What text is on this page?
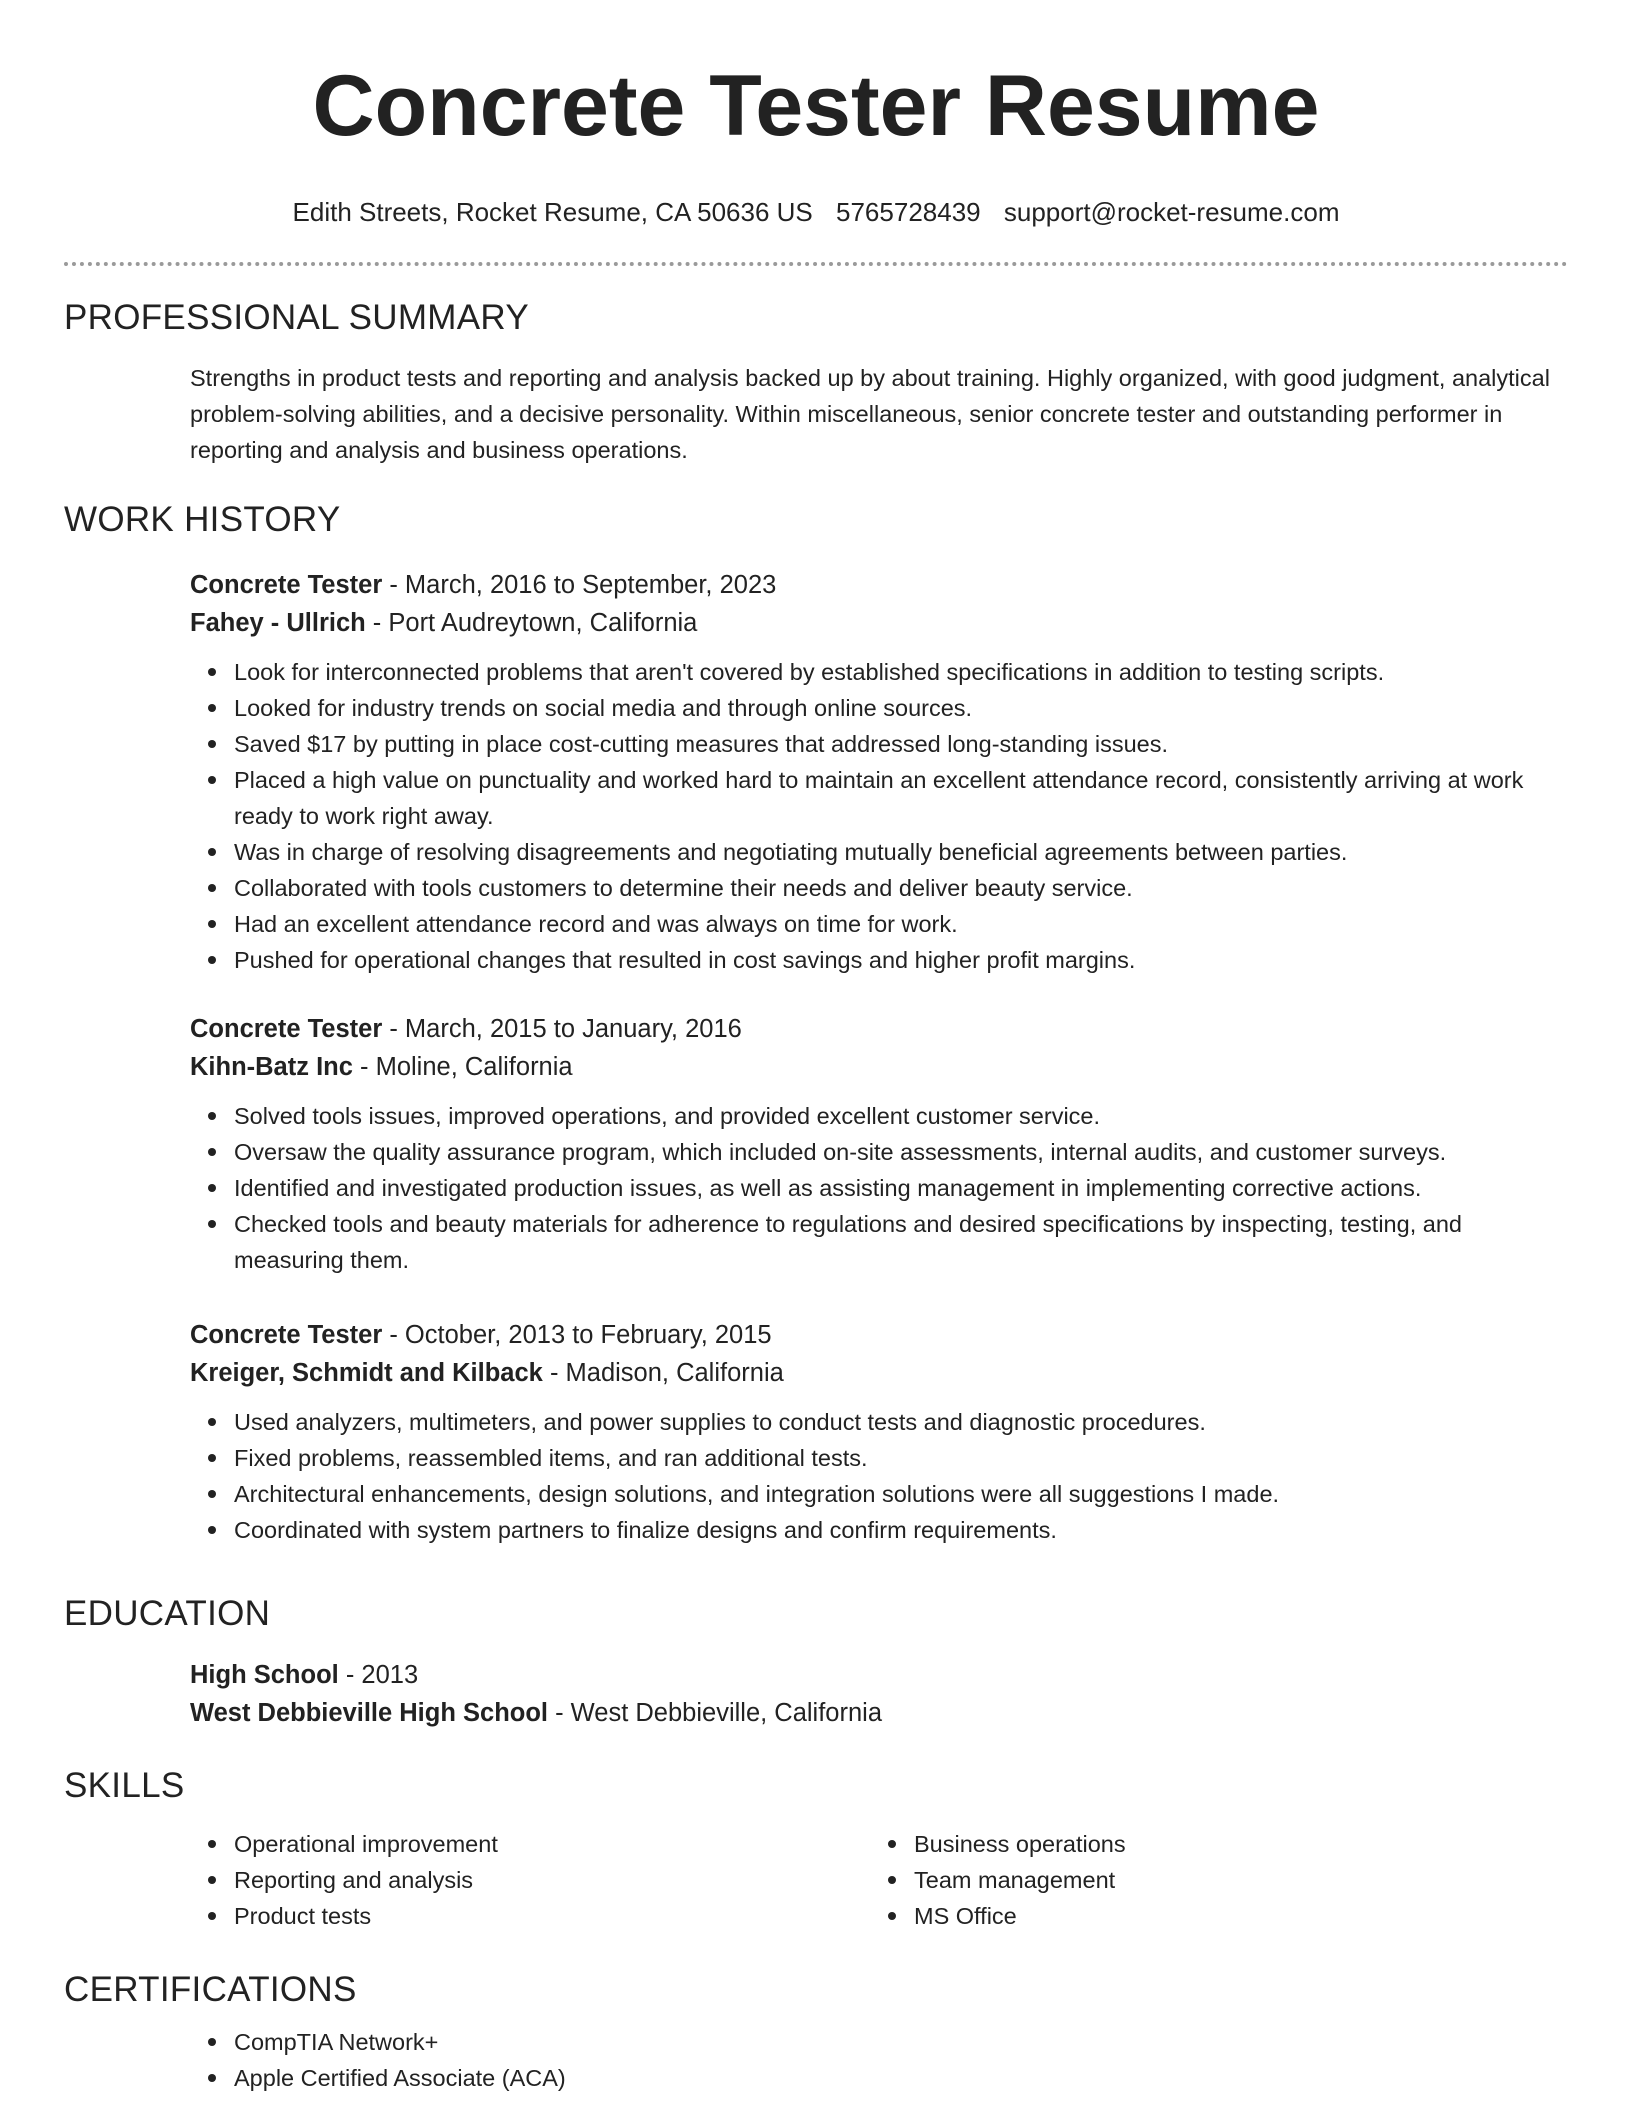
Concrete Tester Resume
Edith Streets, Rocket Resume, CA 50636 US 5765728439 support@rocket-resume.com
PROFESSIONAL SUMMARY

Strengths in product tests and reporting and analysis backed up by about training. Highly organized, with good judgment, analytical problem-solving abilities, and a decisive personality. Within miscellaneous, senior concrete tester and outstanding performer in reporting and analysis and business operations.

WORK HISTORY
Concrete Tester - March, 2016 to September, 2023
Fahey - Ullrich - Port Audreytown, California
Look for interconnected problems that aren't covered by established specifications in addition to testing scripts.
Looked for industry trends on social media and through online sources.
Saved $17 by putting in place cost-cutting measures that addressed long-standing issues.
Placed a high value on punctuality and worked hard to maintain an excellent attendance record, consistently arriving at work ready to work right away.
Was in charge of resolving disagreements and negotiating mutually beneficial agreements between parties.
Collaborated with tools customers to determine their needs and deliver beauty service.
Had an excellent attendance record and was always on time for work.
Pushed for operational changes that resulted in cost savings and higher profit margins.
Concrete Tester - March, 2015 to January, 2016
Kihn-Batz Inc - Moline, California
Solved tools issues, improved operations, and provided excellent customer service.
Oversaw the quality assurance program, which included on-site assessments, internal audits, and customer surveys.
Identified and investigated production issues, as well as assisting management in implementing corrective actions.
Checked tools and beauty materials for adherence to regulations and desired specifications by inspecting, testing, and measuring them.
Concrete Tester - October, 2013 to February, 2015
Kreiger, Schmidt and Kilback - Madison, California
Used analyzers, multimeters, and power supplies to conduct tests and diagnostic procedures.
Fixed problems, reassembled items, and ran additional tests.
Architectural enhancements, design solutions, and integration solutions were all suggestions I made.
Coordinated with system partners to finalize designs and confirm requirements.
EDUCATION
High School - 2013
West Debbieville High School - West Debbieville, California
SKILLS
Operational improvement
Reporting and analysis
Product tests
Business operations
Team management
MS Office
CERTIFICATIONS
CompTIA Network+
Apple Certified Associate (ACA)
